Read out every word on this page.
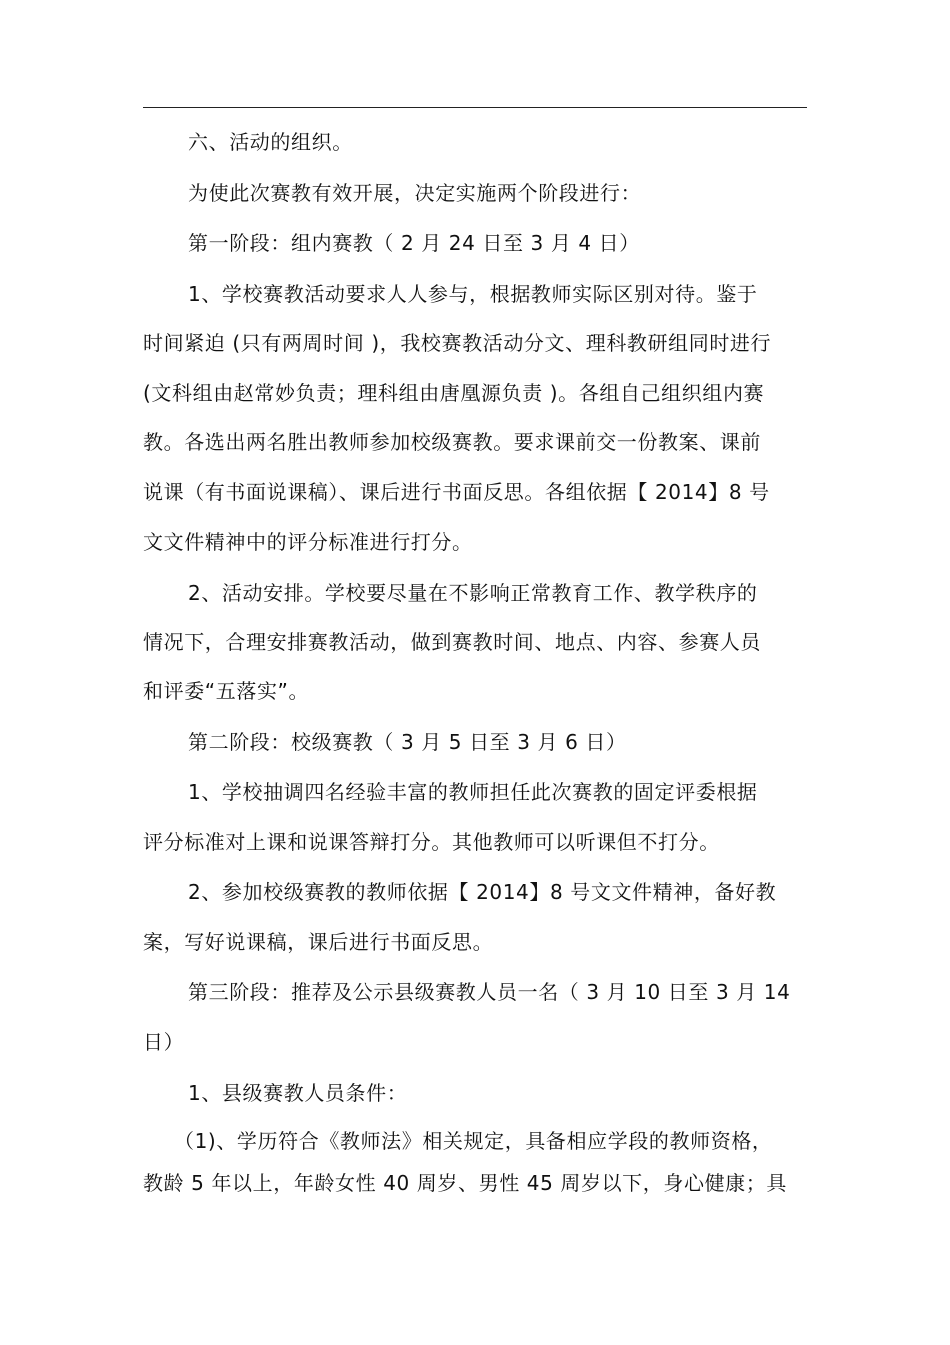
六、活动的组织。
为使此次赛教有效开展，决定实施两个阶段进行：
第一阶段：组内赛教（ 2 月 24 日至 3 月 4 日）
1、学校赛教活动要求人人参与，根据教师实际区别对待。鉴于
时间紧迫 (只有两周时间 )，我校赛教活动分文、理科教研组同时进行
(文科组由赵常妙负责；理科组由唐凰源负责 )。各组自己组织组内赛
教。各选出两名胜出教师参加校级赛教。要求课前交一份教案、课前
说课（有书面说课稿）、课后进行书面反思。各组依据【 2014】8 号
文文件精神中的评分标准进行打分。
2、活动安排。学校要尽量在不影响正常教育工作、教学秩序的
情况下，合理安排赛教活动，做到赛教时间、地点、内容、参赛人员
和评委“五落实”。
第二阶段：校级赛教（ 3 月 5 日至 3 月 6 日）
1、学校抽调四名经验丰富的教师担任此次赛教的固定评委根据
评分标准对上课和说课答辩打分。其他教师可以听课但不打分。
2、参加校级赛教的教师依据【 2014】8 号文文件精神，备好教
案，写好说课稿，课后进行书面反思。
第三阶段：推荐及公示县级赛教人员一名（ 3 月 10 日至 3 月 14
日）
1、县级赛教人员条件：
（1)、学历符合《教师法》相关规定，具备相应学段的教师资格，
教龄 5 年以上，年龄女性 40 周岁、男性 45 周岁以下，身心健康；具
